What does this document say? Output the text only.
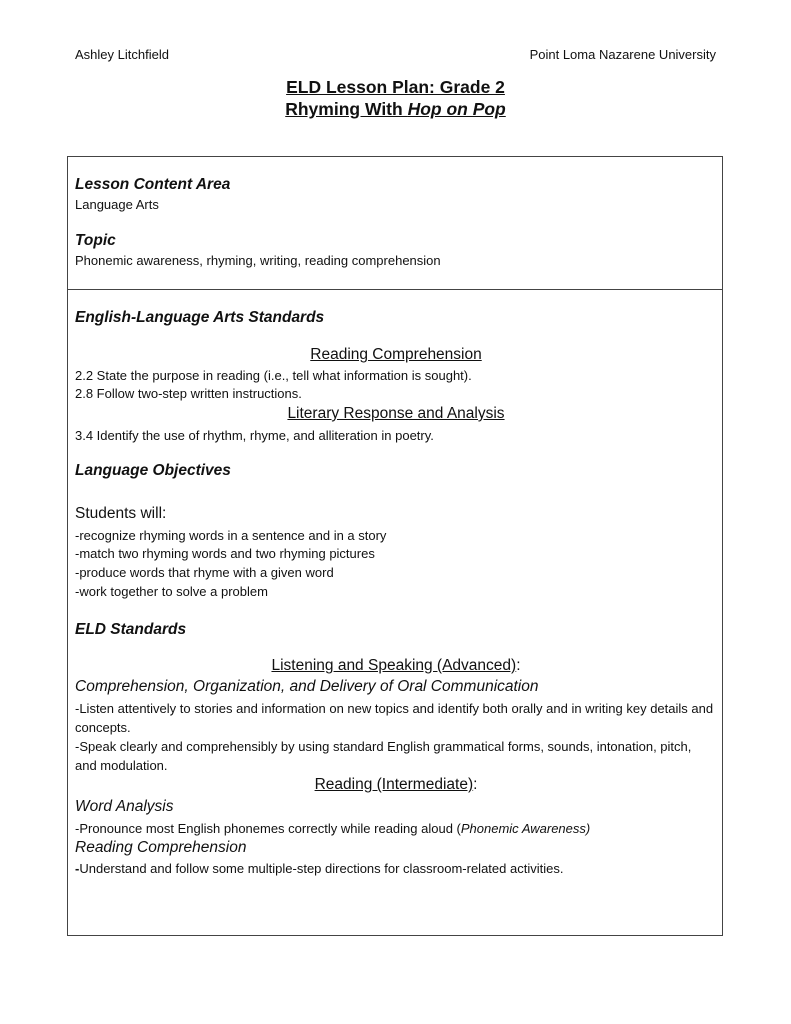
Ashley Litchfield	Point Loma Nazarene University
ELD Lesson Plan: Grade 2
Rhyming With Hop on Pop
Lesson Content Area
Language Arts
Topic
Phonemic awareness, rhyming, writing, reading comprehension
English-Language Arts Standards
Reading Comprehension
2.2 State the purpose in reading (i.e., tell what information is sought).
2.8 Follow two-step written instructions.
Literary Response and Analysis
3.4 Identify the use of rhythm, rhyme, and alliteration in poetry.
Language Objectives
Students will:
-recognize rhyming words in a sentence and in a story
-match two rhyming words and two rhyming pictures
-produce words that rhyme with a given word
-work together to solve a problem
ELD Standards
Listening and Speaking (Advanced):
Comprehension, Organization, and Delivery of Oral Communication
-Listen attentively to stories and information on new topics and identify both orally and in writing key details and concepts.
-Speak clearly and comprehensibly by using standard English grammatical forms, sounds, intonation, pitch, and modulation.
Reading (Intermediate):
Word Analysis
-Pronounce most English phonemes correctly while reading aloud (Phonemic Awareness)
Reading Comprehension
-Understand and follow some multiple-step directions for classroom-related activities.
